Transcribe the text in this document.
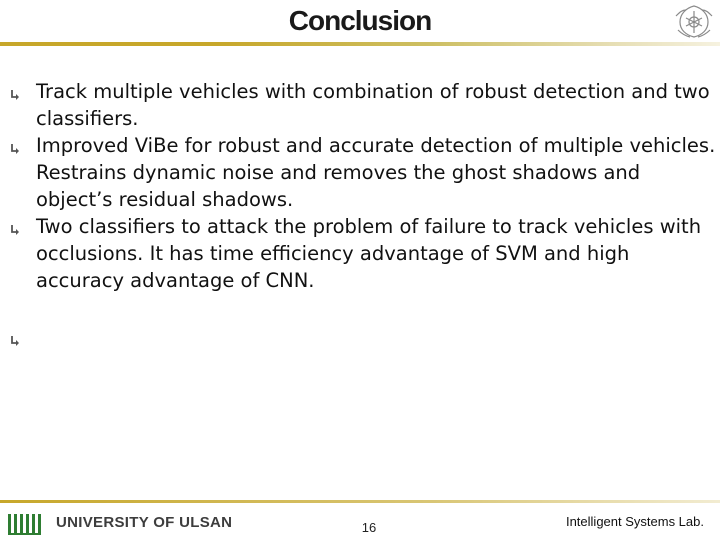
Conclusion
Track multiple vehicles with combination of robust detection and two classifiers.
Improved ViBe for robust and accurate detection of multiple vehicles. Restrains dynamic noise and removes the ghost shadows and object’s residual shadows.
Two classifiers to attack the problem of failure to track vehicles with occlusions. It has time efficiency advantage of SVM and high accuracy advantage of CNN.
UNIVERSITY OF ULSAN	16	Intelligent Systems Lab.
